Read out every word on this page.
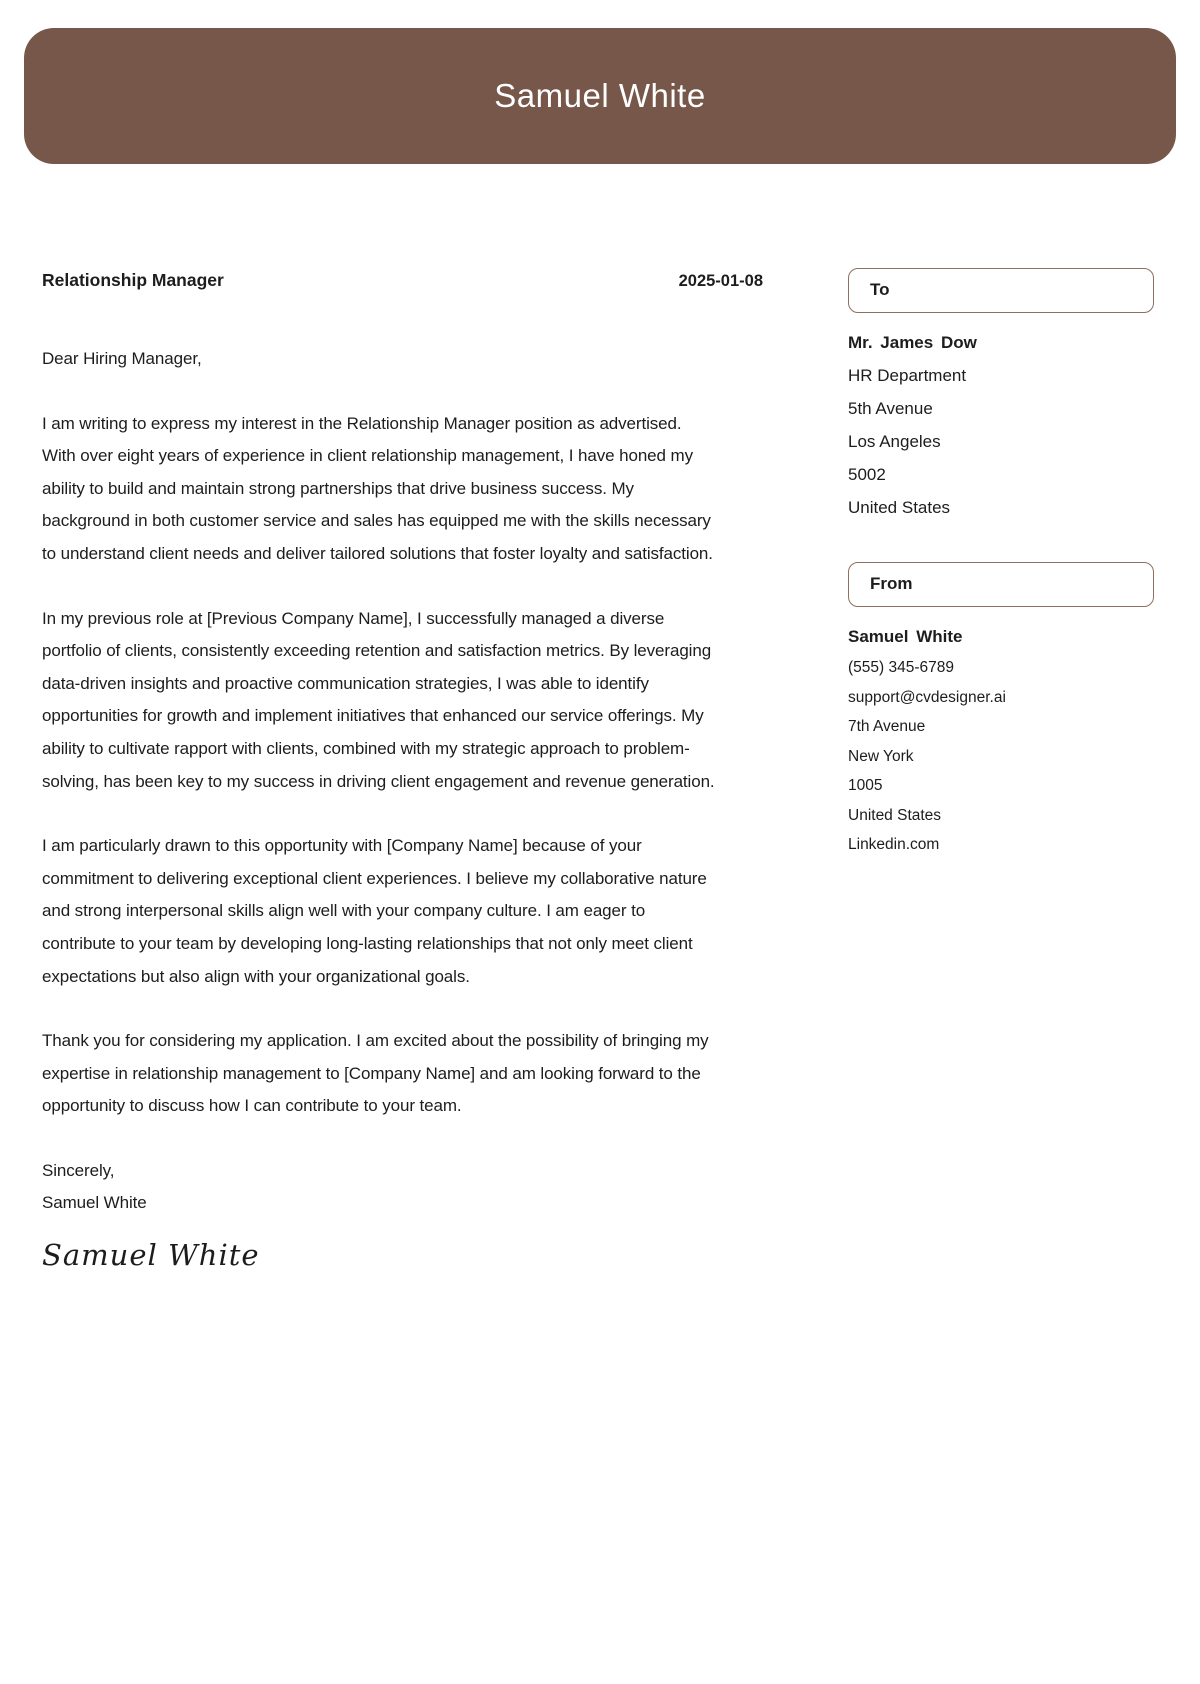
Samuel White
Relationship Manager	2025-01-08

Dear Hiring Manager,

I am writing to express my interest in the Relationship Manager position as advertised. With over eight years of experience in client relationship management, I have honed my ability to build and maintain strong partnerships that drive business success. My background in both customer service and sales has equipped me with the skills necessary to understand client needs and deliver tailored solutions that foster loyalty and satisfaction.

In my previous role at [Previous Company Name], I successfully managed a diverse portfolio of clients, consistently exceeding retention and satisfaction metrics. By leveraging data-driven insights and proactive communication strategies, I was able to identify opportunities for growth and implement initiatives that enhanced our service offerings. My ability to cultivate rapport with clients, combined with my strategic approach to problem-solving, has been key to my success in driving client engagement and revenue generation.

I am particularly drawn to this opportunity with [Company Name] because of your commitment to delivering exceptional client experiences. I believe my collaborative nature and strong interpersonal skills align well with your company culture. I am eager to contribute to your team by developing long-lasting relationships that not only meet client expectations but also align with your organizational goals.

Thank you for considering my application. I am excited about the possibility of bringing my expertise in relationship management to [Company Name] and am looking forward to the opportunity to discuss how I can contribute to your team.

Sincerely,
Samuel White

Samuel White
To
Mr. James Dow
HR Department
5th Avenue
Los Angeles
5002
United States
From
Samuel White
(555) 345-6789
support@cvdesigner.ai
7th Avenue
New York
1005
United States
Linkedin.com
